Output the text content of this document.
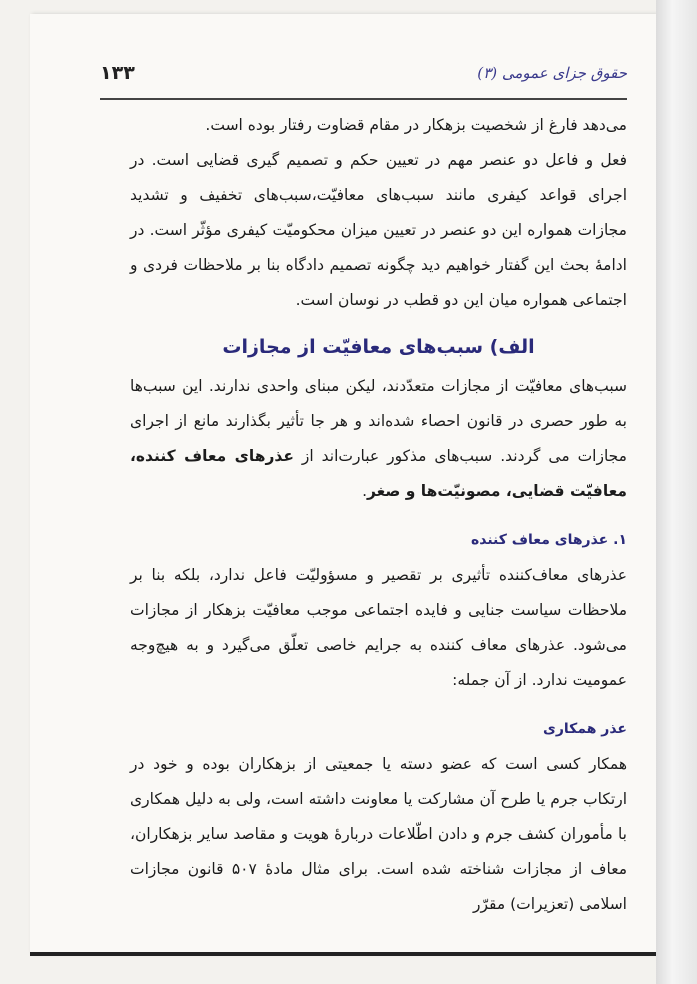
حقوق جزای عمومی (۳)
۱۳۳

می‌دهد فارغ از شخصیت بزهکار در مقام قضاوت رفتار بوده است.

فعل و فاعل دو عنصر مهم در تعیین حکم و تصمیم گیری قضایی است. در اجرای قواعد کیفری مانند سبب‌های معافیّت،سبب‌های تخفیف و تشدید مجازات همواره این دو عنصر در تعیین میزان محکومیّت کیفری مؤثّر است. در ادامهٔ بحث این گفتار خواهیم دید چگونه تصمیم دادگاه بنا بر ملاحظات فردی و اجتماعی همواره میان این دو قطب در نوسان است.

الف) سبب‌های معافیّت از مجازات

سبب‌های معافیّت از مجازات متعدّدند، لیکن مبنای واحدی ندارند. این سبب‌ها به طور حصری در قانون احصاء شده‌اند و هر جا تأثیر بگذارند مانع از اجرای مجازات می گردند. سبب‌های مذکور عبارت‌اند از عذرهای معاف کننده، معافیّت قضایی، مصونیّت‌ها و صغر.

۱. عذرهای معاف کننده

عذرهای معاف‌کننده تأثیری بر تقصیر و مسؤولیّت فاعل ندارد، بلکه بنا بر ملاحظات سیاست جنایی و فایده اجتماعی موجب معافیّت بزهکار از مجازات می‌شود. عذرهای معاف کننده به جرایم خاصی تعلّق می‌گیرد و به هیچ‌وجه عمومیت ندارد. از آن جمله:

عذر همکاری

همکار کسی است که عضو دسته یا جمعیتی از بزهکاران بوده و خود در ارتکاب جرم یا طرح آن مشارکت یا معاونت داشته است، ولی به دلیل همکاری با مأموران کشف جرم و دادن اطّلاعات دربارهٔ هویت و مقاصد سایر بزهکاران، معاف از مجازات شناخته شده است. برای مثال مادهٔ ۵۰۷ قانون مجازات اسلامی (تعزیرات) مقرّر
